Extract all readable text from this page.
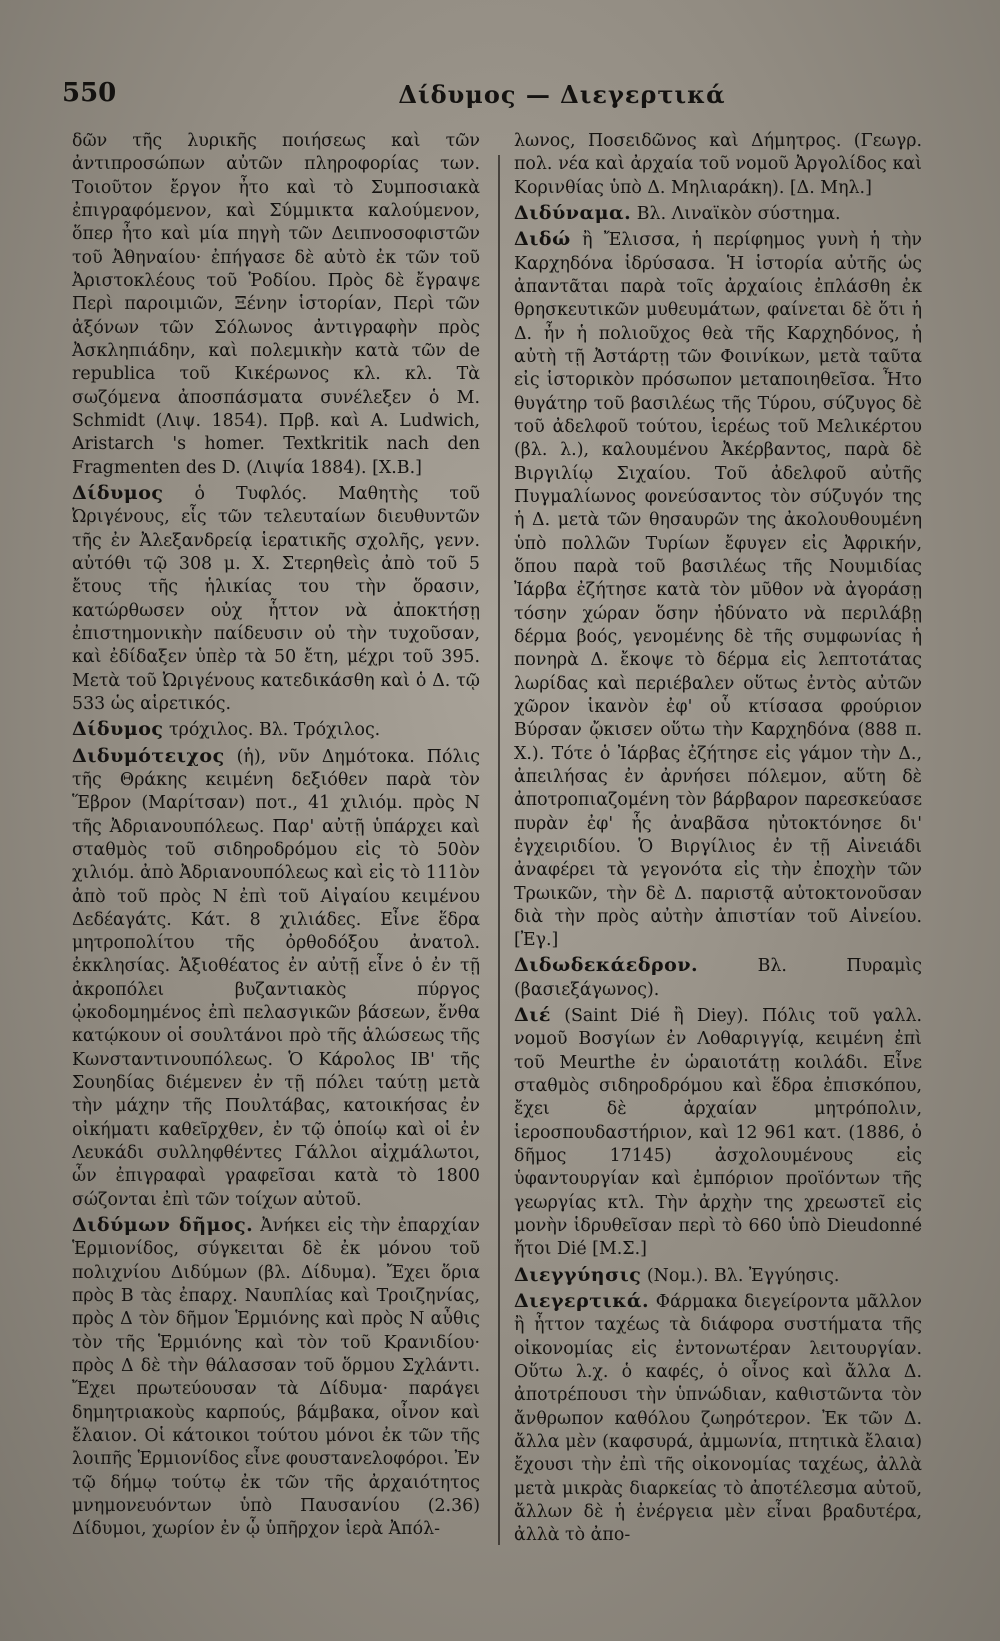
550	Δίδυμος — Διεγερτικά

δῶν τῆς λυρικῆς ποιήσεως καὶ τῶν ἀντιπροσώπων αὐτῶν πληροφορίας των. Τοιοῦτον ἔργον ἦτο καὶ τὸ Συμποσιακὰ ἐπιγραφόμενον, καὶ Σύμμικτα καλούμενον, ὅπερ ἦτο καὶ μία πηγὴ τῶν Δειπνοσοφιστῶν τοῦ Ἀθηναίου· ἐπήγασε δὲ αὐτὸ ἐκ τῶν τοῦ Ἀριστοκλέους τοῦ Ῥοδίου. Πρὸς δὲ ἔγραψε Περὶ παροιμιῶν, Ξένην ἱστορίαν, Περὶ τῶν ἀξόνων τῶν Σόλωνος ἀντιγραφὴν πρὸς Ἀσκληπιάδην, καὶ πολεμικὴν κατὰ τῶν de republica τοῦ Κικέρωνος κλ. κλ. Τὰ σωζόμενα ἀποσπάσματα συνέλεξεν ὁ M. Schmidt (Λιψ. 1854). Πρβ. καὶ A. Ludwich, Aristarch 's homer. Textkritik nach den Fragmenten des D. (Λιψία 1884). [Χ.Β.]

Δίδυμος ὁ Τυφλός. Μαθητὴς τοῦ Ὠριγένους, εἷς τῶν τελευταίων διευθυντῶν τῆς ἐν Ἀλεξανδρείᾳ ἱερατικῆς σχολῆς, γενν. αὐτόθι τῷ 308 μ. Χ. Στερηθεὶς ἀπὸ τοῦ 5 ἔτους τῆς ἡλικίας του τὴν ὅρασιν, κατώρθωσεν οὐχ ἧττον νὰ ἀποκτήσῃ ἐπιστημονικὴν παίδευσιν οὐ τὴν τυχοῦσαν, καὶ ἐδίδαξεν ὑπὲρ τὰ 50 ἔτη, μέχρι τοῦ 395. Μετὰ τοῦ Ὠριγένους κατεδικάσθη καὶ ὁ Δ. τῷ 533 ὡς αἱρετικός.

Δίδυμος τρόχιλος. Βλ. Τρόχιλος.

Διδυμότειχος (ἡ), νῦν Δημότοκα. Πόλις τῆς Θράκης κειμένη δεξιόθεν παρὰ τὸν Ἕβρον (Μαρίτσαν) ποτ., 41 χιλιόμ. πρὸς Ν τῆς Ἀδριανουπόλεως. Παρ' αὐτῇ ὑπάρχει καὶ σταθμὸς τοῦ σιδηροδρόμου εἰς τὸ 50ὸν χιλιόμ. ἀπὸ Ἀδριανουπόλεως καὶ εἰς τὸ 111ὸν ἀπὸ τοῦ πρὸς Ν ἐπὶ τοῦ Αἰγαίου κειμένου Δεδέαγάτς. Κάτ. 8 χιλιάδες. Εἶνε ἕδρα μητροπολίτου τῆς ὀρθοδόξου ἀνατολ. ἐκκλησίας. Ἀξιοθέατος ἐν αὐτῇ εἶνε ὁ ἐν τῇ ἀκροπόλει βυζαντιακὸς πύργος ᾠκοδομημένος ἐπὶ πελασγικῶν βάσεων, ἔνθα κατῴκουν οἱ σουλτάνοι πρὸ τῆς ἁλώσεως τῆς Κωνσταντινουπόλεως. Ὁ Κάρολος ΙΒ' τῆς Σουηδίας διέμενεν ἐν τῇ πόλει ταύτῃ μετὰ τὴν μάχην τῆς Πουλτάβας, κατοικήσας ἐν οἰκήματι καθεῖρχθεν, ἐν τῷ ὁποίῳ καὶ οἱ ἐν Λευκάδι συλληφθέντες Γάλλοι αἰχμάλωτοι, ὧν ἐπιγραφαὶ γραφεῖσαι κατὰ τὸ 1800 σώζονται ἐπὶ τῶν τοίχων αὐτοῦ.

Διδύμων δῆμος. Ἀνήκει εἰς τὴν ἐπαρχίαν Ἑρμιονίδος, σύγκειται δὲ ἐκ μόνου τοῦ πολιχνίου Διδύμων (βλ. Δίδυμα). Ἔχει ὅρια πρὸς Β τὰς ἐπαρχ. Ναυπλίας καὶ Τροιζηνίας, πρὸς Δ τὸν δῆμον Ἑρμιόνης καὶ πρὸς Ν αὖθις τὸν τῆς Ἑρμιόνης καὶ τὸν τοῦ Κρανιδίου· πρὸς Δ δὲ τὴν θάλασσαν τοῦ ὅρμου Σχλάντι. Ἔχει πρωτεύουσαν τὰ Δίδυμα· παράγει δημητριακοὺς καρπούς, βάμβακα, οἶνον καὶ ἔλαιον. Οἱ κάτοικοι τούτου μόνοι ἐκ τῶν τῆς λοιπῆς Ἑρμιονίδος εἶνε φουστανελοφόροι. Ἐν τῷ δήμῳ τούτῳ ἐκ τῶν τῆς ἀρχαιότητος μνημονευόντων ὑπὸ Παυσανίου (2.36) Δίδυμοι, χωρίον ἐν ᾧ ὑπῆρχον ἱερὰ Ἀπόλ-

λωνος, Ποσειδῶνος καὶ Δήμητρος. (Γεωγρ. πολ. νέα καὶ ἀρχαία τοῦ νομοῦ Ἀργολίδος καὶ Κορινθίας ὑπὸ Δ. Μηλιαράκη). [Δ. Μηλ.]

Διδύναμα. Βλ. Λιναϊκὸν σύστημα.

Διδώ ἢ Ἔλισσα, ἡ περίφημος γυνὴ ἡ τὴν Καρχηδόνα ἱδρύσασα. Ἡ ἱστορία αὐτῆς ὡς ἀπαντᾶται παρὰ τοῖς ἀρχαίοις ἐπλάσθη ἐκ θρησκευτικῶν μυθευμάτων, φαίνεται δὲ ὅτι ἡ Δ. ἦν ἡ πολιοῦχος θεὰ τῆς Καρχηδόνος, ἡ αὐτὴ τῇ Ἀστάρτῃ τῶν Φοινίκων, μετὰ ταῦτα εἰς ἱστορικὸν πρόσωπον μεταποιηθεῖσα. Ἦτο θυγάτηρ τοῦ βασιλέως τῆς Τύρου, σύζυγος δὲ τοῦ ἀδελφοῦ τούτου, ἱερέως τοῦ Μελικέρτου (βλ. λ.), καλουμένου Ἀκέρβαντος, παρὰ δὲ Βιργιλίῳ Σιχαίου. Τοῦ ἀδελφοῦ αὐτῆς Πυγμαλίωνος φονεύσαντος τὸν σύζυγόν της ἡ Δ. μετὰ τῶν θησαυρῶν της ἀκολουθουμένη ὑπὸ πολλῶν Τυρίων ἔφυγεν εἰς Ἀφρικήν, ὅπου παρὰ τοῦ βασιλέως τῆς Νουμιδίας Ἰάρβα ἐζήτησε κατὰ τὸν μῦθον νὰ ἀγοράσῃ τόσην χώραν ὅσην ἠδύνατο νὰ περιλάβῃ δέρμα βοός, γενομένης δὲ τῆς συμφωνίας ἡ πονηρὰ Δ. ἔκοψε τὸ δέρμα εἰς λεπτοτάτας λωρίδας καὶ περιέβαλεν οὕτως ἐντὸς αὐτῶν χῶρον ἱκανὸν ἐφ' οὗ κτίσασα φρούριον Βύρσαν ᾤκισεν οὕτω τὴν Καρχηδόνα (888 π. Χ.). Τότε ὁ Ἰάρβας ἐζήτησε εἰς γάμον τὴν Δ., ἀπειλήσας ἐν ἀρνήσει πόλεμον, αὕτη δὲ ἀποτροπιαζομένη τὸν βάρβαρον παρεσκεύασε πυρὰν ἐφ' ἧς ἀναβᾶσα ηὐτοκτόνησε δι' ἐγχειριδίου. Ὁ Βιργίλιος ἐν τῇ Αἰνειάδι ἀναφέρει τὰ γεγονότα εἰς τὴν ἐποχὴν τῶν Τρωικῶν, τὴν δὲ Δ. παριστᾷ αὐτοκτονοῦσαν διὰ τὴν πρὸς αὐτὴν ἀπιστίαν τοῦ Αἰνείου. [Ἐγ.]

Διδωδεκάεδρον.	Βλ. Πυραμὶς (βασιεξάγωνος).

Διέ (Saint Dié ἢ Diey). Πόλις τοῦ γαλλ. νομοῦ Βοσγίων ἐν Λοθαριγγίᾳ, κειμένη ἐπὶ τοῦ Meurthe ἐν ὡραιοτάτῃ κοιλάδι. Εἶνε σταθμὸς σιδηροδρόμου καὶ ἕδρα ἐπισκόπου, ἔχει δὲ ἀρχαίαν μητρόπολιν, ἱεροσπουδαστήριον, καὶ 12 961 κατ. (1886, ὁ δῆμος 17145) ἀσχολουμένους εἰς ὑφαντουργίαν καὶ ἐμπόριον προϊόντων τῆς γεωργίας κτλ. Τὴν ἀρχὴν της χρεωστεῖ εἰς μονὴν ἱδρυθεῖσαν περὶ τὸ 660 ὑπὸ Dieudonné ἤτοι Dié [Μ.Σ.]

Διεγγύησις (Νομ.). Βλ. Ἐγγύησις.

Διεγερτικά. Φάρμακα διεγείροντα μᾶλλον ἢ ἧττον ταχέως τὰ διάφορα συστήματα τῆς οἰκονομίας εἰς ἐντονωτέραν λειτουργίαν. Οὕτω λ.χ. ὁ καφές, ὁ οἶνος καὶ ἄλλα Δ. ἀποτρέπουσι τὴν ὑπνώδιαν, καθιστῶντα τὸν ἄνθρωπον καθόλου ζωηρότερον. Ἐκ τῶν Δ. ἄλλα μὲν (καφσυρά, ἀμμωνία, πτητικὰ ἔλαια) ἔχουσι τὴν ἐπὶ τῆς οἰκονομίας ταχέως, ἀλλὰ μετὰ μικρὰς διαρκείας τὸ ἀποτέλεσμα αὐτοῦ, ἄλλων δὲ ἡ ἐνέργεια μὲν εἶναι βραδυτέρα, ἀλλὰ τὸ ἀπο-
